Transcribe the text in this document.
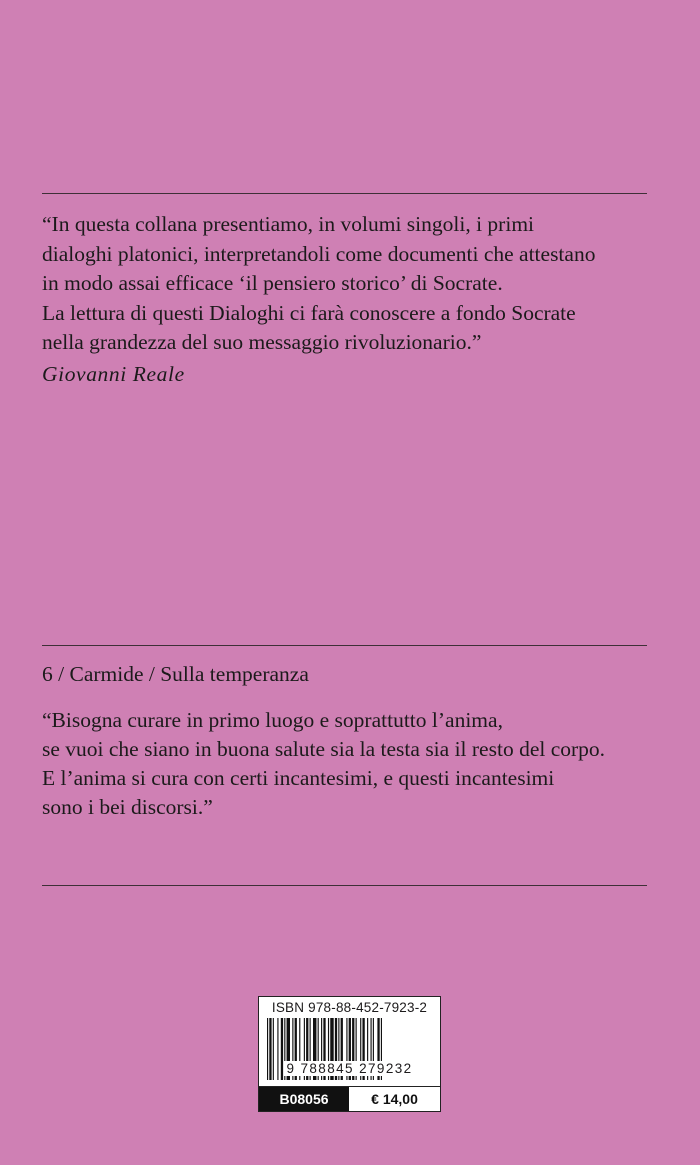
“In questa collana presentiamo, in volumi singoli, i primi

dialoghi platonici, interpretandoli come documenti che attestano

in modo assai efficace ‘il pensiero storico’ di Socrate.

La lettura di questi Dialoghi ci farà conoscere a fondo Socrate

nella grandezza del suo messaggio rivoluzionario.”

Giovanni Reale
6 / Carmide / Sulla temperanza

“Bisogna curare in primo luogo e soprattutto l’anima,

se vuoi che siano in buona salute sia la testa sia il resto del corpo.

E l’anima si cura con certi incantesimi, e questi incantesimi

sono i bei discorsi.”

ISBN 978-88-452-7923-2
9 788845 279232
B08056	€ 14,00
